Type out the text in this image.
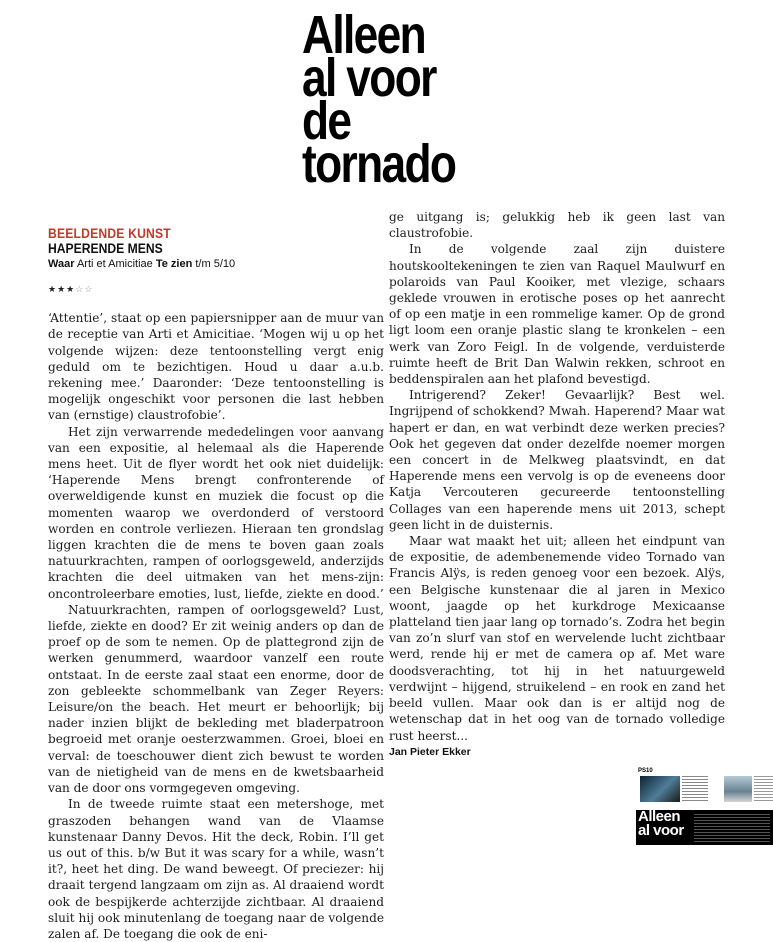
Alleen
al voor
de
tornado
BEELDENDE KUNST
HAPERENDE MENS
Waar Arti et Amicitiae Te zien t/m 5/10
★★★☆☆

‘Attentie’, staat op een papiersnipper aan de muur van de receptie van Arti et Amicitiae. ‘Mogen wij u op het volgende wijzen: deze tentoonstelling vergt enig geduld om te bezichtigen. Houd u daar a.u.b. rekening mee.’ Daaronder: ‘Deze tentoonstelling is mogelijk ongeschikt voor personen die last hebben van (ernstige) claustrofobie’.

Het zijn verwarrende mededelingen voor aanvang van een expositie, al helemaal als die Haperende mens heet. Uit de flyer wordt het ook niet duidelijk: ‘Haperende Mens brengt confronterende of overweldigende kunst en muziek die focust op die momenten waarop we overdonderd of verstoord worden en controle verliezen. Hieraan ten grondslag liggen krachten die de mens te boven gaan zoals natuurkrachten, rampen of oorlogsgeweld, anderzijds krachten die deel uitmaken van het mens-zijn: oncontroleerbare emoties, lust, liefde, ziekte en dood.’

Natuurkrachten, rampen of oorlogsgeweld? Lust, liefde, ziekte en dood? Er zit weinig anders op dan de proef op de som te nemen. Op de plattegrond zijn de werken genummerd, waardoor vanzelf een route ontstaat. In de eerste zaal staat een enorme, door de zon gebleekte schommelbank van Zeger Reyers: Leisure/on the beach. Het meurt er behoorlijk; bij nader inzien blijkt de bekleding met bladerpatroon begroeid met oranje oesterzwammen. Groei, bloei en verval: de toeschouwer dient zich bewust te worden van de nietigheid van de mens en de kwetsbaarheid van de door ons vormgegeven omgeving.

In de tweede ruimte staat een metershoge, met graszoden behangen wand van de Vlaamse kunstenaar Danny Devos. Hit the deck, Robin. I’ll get us out of this. b/w But it was scary for a while, wasn’t it?, heet het ding. De wand beweegt. Of preciezer: hij draait tergend langzaam om zijn as. Al draaiend wordt ook de bespijkerde achterzijde zichtbaar. Al draaiend sluit hij ook minutenlang de toegang naar de volgende zalen af. De toegang die ook de eni-

ge uitgang is; gelukkig heb ik geen last van claustrofobie.

In de volgende zaal zijn duistere houtskooltekeningen te zien van Raquel Maulwurf en polaroids van Paul Kooiker, met vlezige, schaars geklede vrouwen in erotische poses op het aanrecht of op een matje in een rommelige kamer. Op de grond ligt loom een oranje plastic slang te kronkelen – een werk van Zoro Feigl. In de volgende, verduisterde ruimte heeft de Brit Dan Walwin rekken, schroot en beddenspiralen aan het plafond bevestigd.

Intrigerend? Zeker! Gevaarlijk? Best wel. Ingrijpend of schokkend? Mwah. Haperend? Maar wat hapert er dan, en wat verbindt deze werken precies? Ook het gegeven dat onder dezelfde noemer morgen een concert in de Melkweg plaatsvindt, en dat Haperende mens een vervolg is op de eveneens door Katja Vercouteren gecureerde tentoonstelling Collages van een haperende mens uit 2013, schept geen licht in de duisternis.

Maar wat maakt het uit; alleen het eindpunt van de expositie, de adembenemende video Tornado van Francis Alÿs, is reden genoeg voor een bezoek. Alÿs, een Belgische kunstenaar die al jaren in Mexico woont, jaagde op het kurkdroge Mexicaanse platteland tien jaar lang op tornado’s. Zodra het begin van zo’n slurf van stof en wervelende lucht zichtbaar werd, rende hij er met de camera op af. Met ware doodsverachting, tot hij in het natuurgeweld verdwijnt – hijgend, struikelend – en rook en zand het beeld vullen. Maar ook dan is er altijd nog de wetenschap dat in het oog van de tornado volledige rust heerst...

Jan Pieter Ekker
PS10
Alleen
al voor
